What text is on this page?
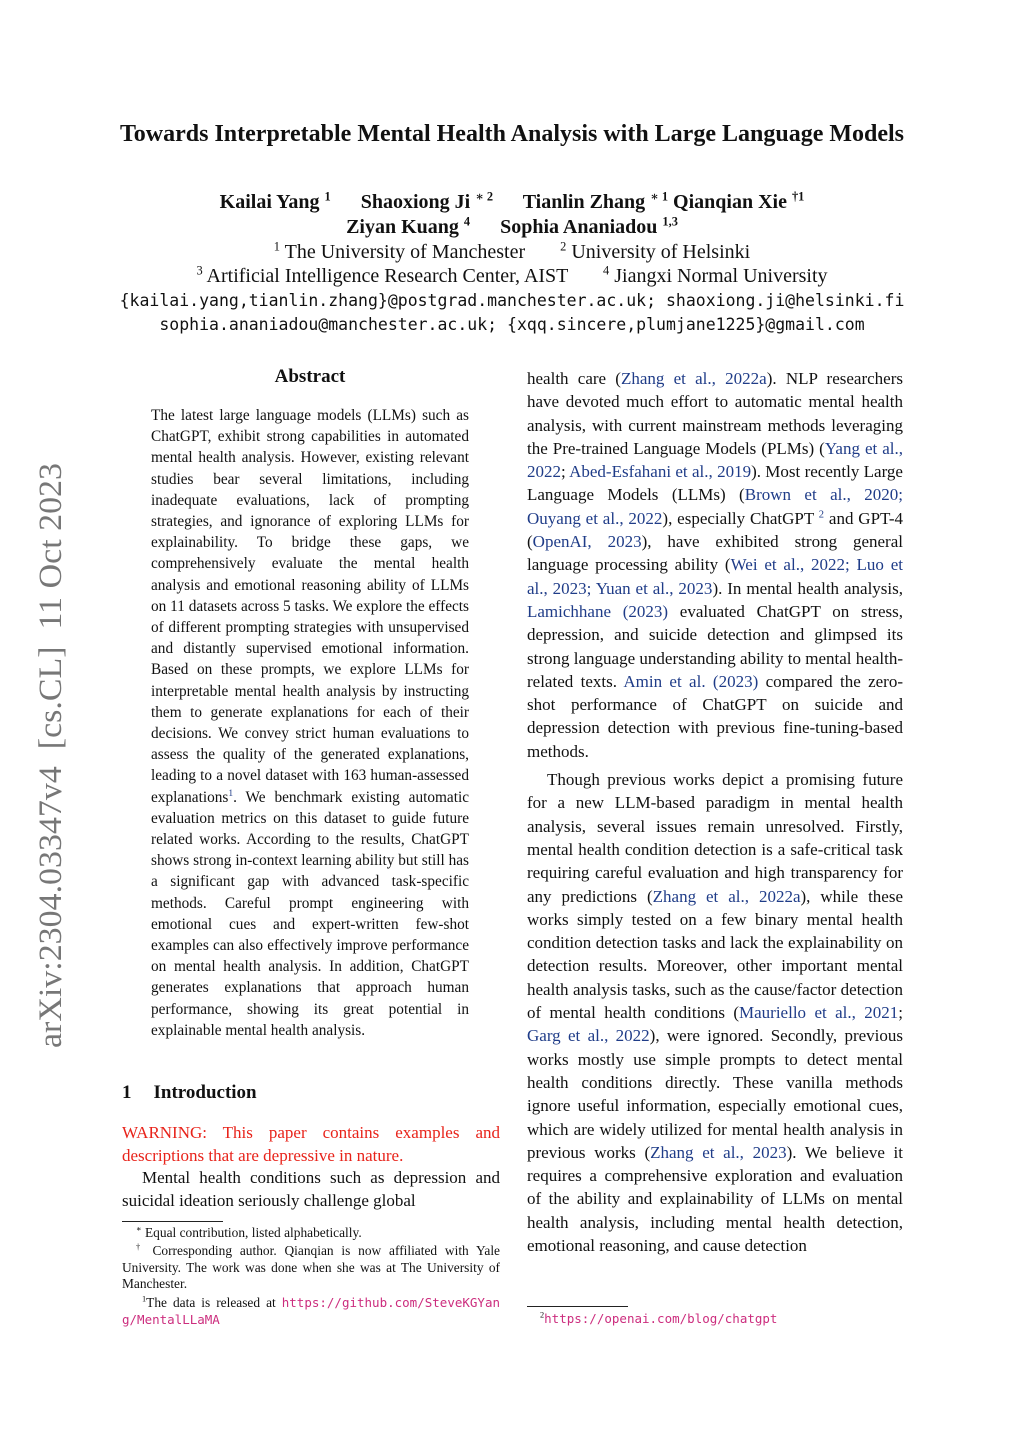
Towards Interpretable Mental Health Analysis with Large Language Models
Kailai Yang $^1$ Shaoxiong Ji $^{∗ 2}$ Tianlin Zhang $^{∗ 1}$ Qianqian Xie $^{\dagger 1}$
Ziyan Kuang $^4$ Sophia Ananiadou $^{1,3}$
$^1$ The University of Manchester	$^2$ University of Helsinki
$^3$ Artificial Intelligence Research Center, AIST	$^4$ Jiangxi Normal University
{kailai.yang,tianlin.zhang}@postgrad.manchester.ac.uk; shaoxiong.ji@helsinki.fi
sophia.ananiadou@manchester.ac.uk; {xqq.sincere,plumjane1225}@gmail.com
arXiv:2304.03347v4  [cs.CL]  11 Oct 2023
Abstract
The latest large language models (LLMs) such as ChatGPT, exhibit strong capabilities in automated mental health analysis. However, existing relevant studies bear several limitations, including inadequate evaluations, lack of prompting strategies, and ignorance of exploring LLMs for explainability. To bridge these gaps, we comprehensively evaluate the mental health analysis and emotional reasoning ability of LLMs on 11 datasets across 5 tasks. We explore the effects of different prompting strategies with unsupervised and distantly supervised emotional information. Based on these prompts, we explore LLMs for interpretable mental health analysis by instructing them to generate explanations for each of their decisions. We convey strict human evaluations to assess the quality of the generated explanations, leading to a novel dataset with 163 human-assessed explanations$^1$. We benchmark existing automatic evaluation metrics on this dataset to guide future related works. According to the results, ChatGPT shows strong in-context learning ability but still has a significant gap with advanced task-specific methods. Careful prompt engineering with emotional cues and expert-written few-shot examples can also effectively improve performance on mental health analysis. In addition, ChatGPT generates explanations that approach human performance, showing its great potential in explainable mental health analysis.
1 Introduction
WARNING: This paper contains examples and descriptions that are depressive in nature.
Mental health conditions such as depression and suicidal ideation seriously challenge global
∗ Equal contribution, listed alphabetically.
† Corresponding author. Qianqian is now affiliated with Yale University. The work was done when she was at The University of Manchester.
$^1$The data is released at https://github.com/SteveKGYang/MentalLLaMA

health care (Zhang et al., 2022a). NLP researchers have devoted much effort to automatic mental health analysis, with current mainstream methods leveraging the Pre-trained Language Models (PLMs) (Yang et al., 2022; Abed-Esfahani et al., 2019). Most recently Large Language Models (LLMs) (Brown et al., 2020; Ouyang et al., 2022), especially ChatGPT $^2$ and GPT-4 (OpenAI, 2023), have exhibited strong general language processing ability (Wei et al., 2022; Luo et al., 2023; Yuan et al., 2023). In mental health analysis, Lamichhane (2023) evaluated ChatGPT on stress, depression, and suicide detection and glimpsed its strong language understanding ability to mental health-related texts. Amin et al. (2023) compared the zero-shot performance of ChatGPT on suicide and depression detection with previous fine-tuning-based methods.

Though previous works depict a promising future for a new LLM-based paradigm in mental health analysis, several issues remain unresolved. Firstly, mental health condition detection is a safe-critical task requiring careful evaluation and high transparency for any predictions (Zhang et al., 2022a), while these works simply tested on a few binary mental health condition detection tasks and lack the explainability on detection results. Moreover, other important mental health analysis tasks, such as the cause/factor detection of mental health conditions (Mauriello et al., 2021; Garg et al., 2022), were ignored. Secondly, previous works mostly use simple prompts to detect mental health conditions directly. These vanilla methods ignore useful information, especially emotional cues, which are widely utilized for mental health analysis in previous works (Zhang et al., 2023). We believe it requires a comprehensive exploration and evaluation of the ability and explainability of LLMs on mental health analysis, including mental health detection, emotional reasoning, and cause detection

$^2$https://openai.com/blog/chatgpt
